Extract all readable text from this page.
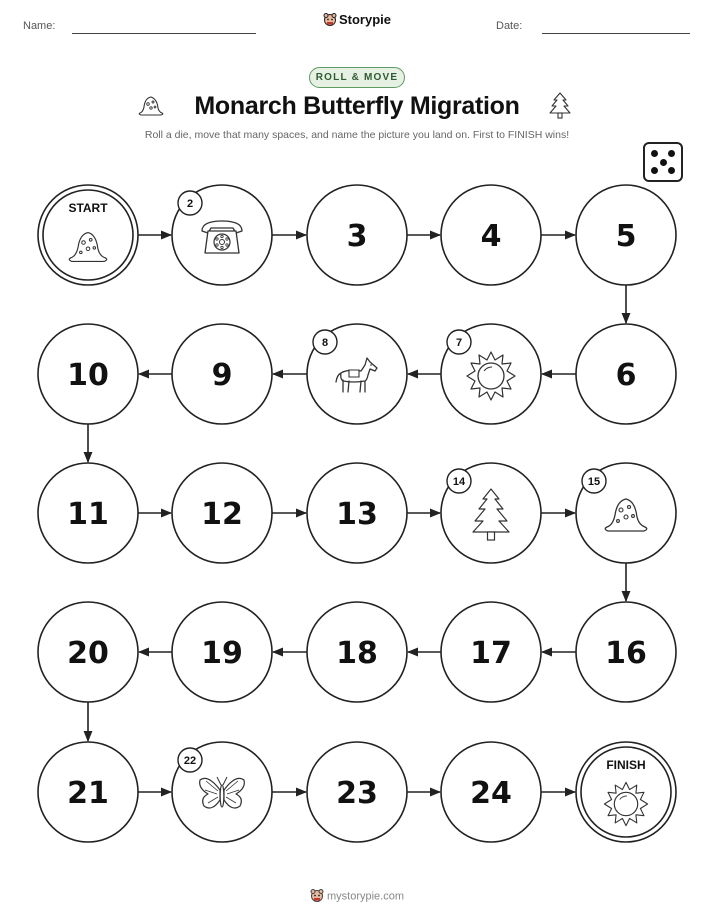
Name:	Storypie	Date:
ROLL & MOVE
Monarch Butterfly Migration
Roll a die, move that many spaces, and name the picture you land on. First to FINISH wins!
START	2
3	4	5
6
7
8
9
10
11	12	13
14	15
16
17
18
19
20
21
22
23	24
FINISH
mystorypie.com
